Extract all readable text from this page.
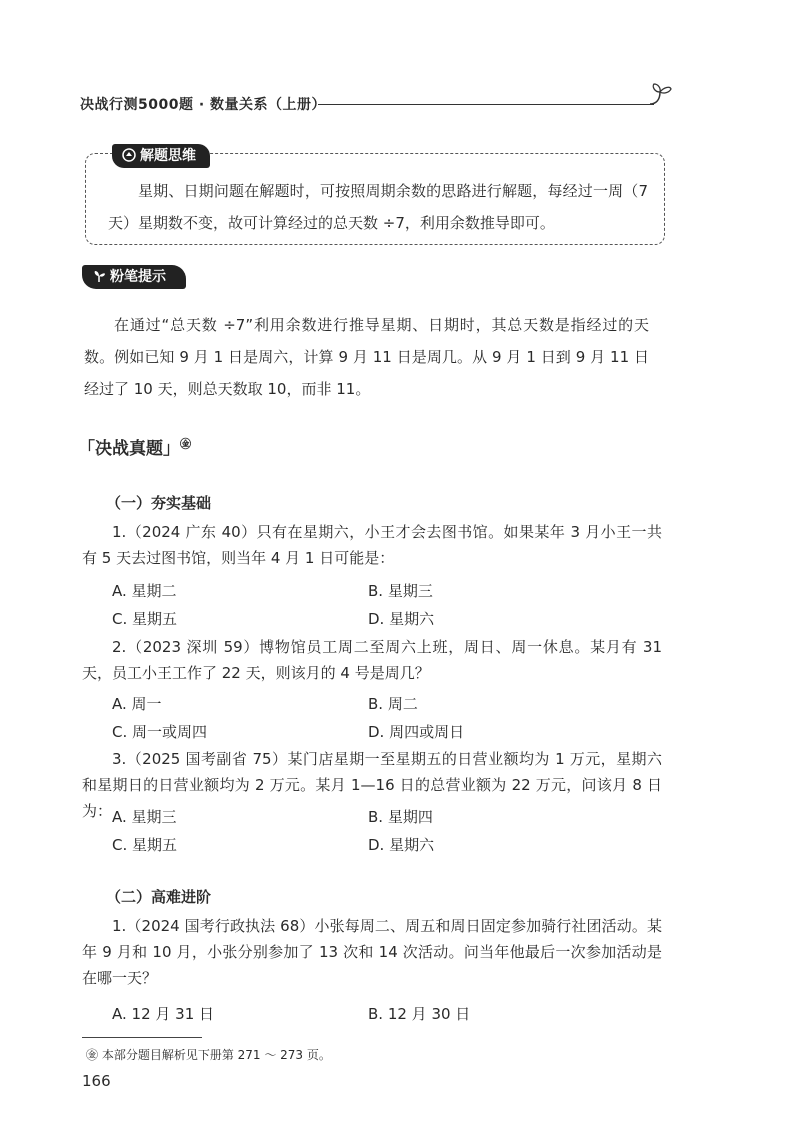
决战行测5000题 · 数量关系（上册）
解题思维
星期、日期问题在解题时，可按照周期余数的思路进行解题，每经过一周（7天）星期数不变，故可计算经过的总天数 ÷7，利用余数推导即可。
粉笔提示
在通过“总天数 ÷7”利用余数进行推导星期、日期时，其总天数是指经过的天数。例如已知 9 月 1 日是周六，计算 9 月 11 日是周几。从 9 月 1 日到 9 月 11 日经过了 10 天，则总天数取 10，而非 11。
「决战真题」㊎
（一）夯实基础
1.（2024 广东 40）只有在星期六，小王才会去图书馆。如果某年 3 月小王一共有 5 天去过图书馆，则当年 4 月 1 日可能是：
A. 星期二	B. 星期三
C. 星期五	D. 星期六
2.（2023 深圳 59）博物馆员工周二至周六上班，周日、周一休息。某月有 31 天，员工小王工作了 22 天，则该月的 4 号是周几？
A. 周一	B. 周二
C. 周一或周四	D. 周四或周日
3.（2025 国考副省 75）某门店星期一至星期五的日营业额均为 1 万元，星期六和星期日的日营业额均为 2 万元。某月 1—16 日的总营业额为 22 万元，问该月 8 日为： A. 星期三	B. 星期四
C. 星期五	D. 星期六
（二）高难进阶
1.（2024 国考行政执法 68）小张每周二、周五和周日固定参加骑行社团活动。某年 9 月和 10 月，小张分别参加了 13 次和 14 次活动。问当年他最后一次参加活动是在哪一天？
A. 12 月 31 日	B. 12 月 30 日
㊎ 本部分题目解析见下册第 271 ～ 273 页。
166
